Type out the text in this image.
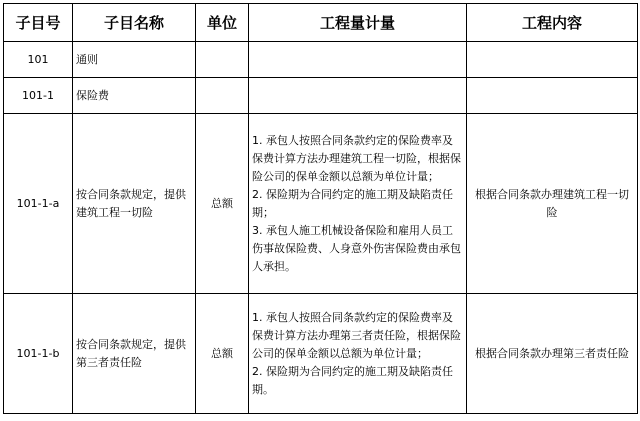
子目号	子目名称	单位	工程量计量	工程内容
101	通则			
101-1	保险费			
101-1-a	按合同条款规定，提供建筑工程一切险	总额	1. 承包人按照合同条款约定的保险费率及保费计算方法办理建筑工程一切险，根据保险公司的保单金额以总额为单位计量；
2. 保险期为合同约定的施工期及缺陷责任期；
3. 承包人施工机械设备保险和雇用人员工伤事故保险费、人身意外伤害保险费由承包人承担。	根据合同条款办理建筑工程一切险
101-1-b	按合同条款规定，提供第三者责任险	总额	1. 承包人按照合同条款约定的保险费率及保费计算方法办理第三者责任险，根据保险公司的保单金额以总额为单位计量；
2. 保险期为合同约定的施工期及缺陷责任期。	根据合同条款办理第三者责任险
